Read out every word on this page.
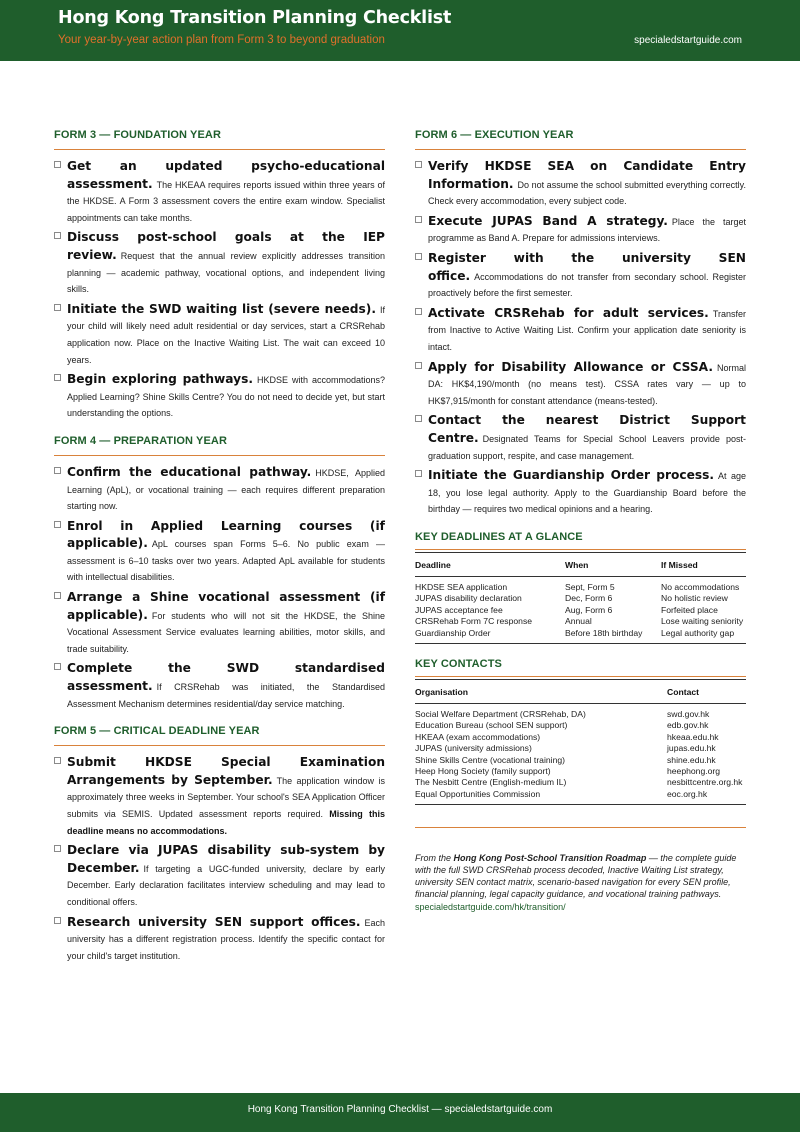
Hong Kong Transition Planning Checklist
Your year-by-year action plan from Form 3 to beyond graduation	specialedstartguide.com
FORM 3 — FOUNDATION YEAR
Get an updated psycho-educational assessment. The HKEAA requires reports issued within three years of the HKDSE. A Form 3 assessment covers the entire exam window. Specialist appointments can take months.
Discuss post-school goals at the IEP review. Request that the annual review explicitly addresses transition planning — academic pathway, vocational options, and independent living skills.
Initiate the SWD waiting list (severe needs). If your child will likely need adult residential or day services, start a CRSRehab application now. Place on the Inactive Waiting List. The wait can exceed 10 years.
Begin exploring pathways. HKDSE with accommodations? Applied Learning? Shine Skills Centre? You do not need to decide yet, but start understanding the options.
FORM 4 — PREPARATION YEAR
Confirm the educational pathway. HKDSE, Applied Learning (ApL), or vocational training — each requires different preparation starting now.
Enrol in Applied Learning courses (if applicable). ApL courses span Forms 5–6. No public exam — assessment is 6–10 tasks over two years. Adapted ApL available for students with intellectual disabilities.
Arrange a Shine vocational assessment (if applicable). For students who will not sit the HKDSE, the Shine Vocational Assessment Service evaluates learning abilities, motor skills, and trade suitability.
Complete the SWD standardised assessment. If CRSRehab was initiated, the Standardised Assessment Mechanism determines residential/day service matching.
FORM 5 — CRITICAL DEADLINE YEAR
Submit HKDSE Special Examination Arrangements by September. The application window is approximately three weeks in September. Your school's SEA Application Officer submits via SEMIS. Updated assessment reports required. Missing this deadline means no accommodations.
Declare via JUPAS disability sub-system by December. If targeting a UGC-funded university, declare by early December. Early declaration facilitates interview scheduling and may lead to conditional offers.
Research university SEN support offices. Each university has a different registration process. Identify the specific contact for your child's target institution.
FORM 6 — EXECUTION YEAR
Verify HKDSE SEA on Candidate Entry Information. Do not assume the school submitted everything correctly. Check every accommodation, every subject code.
Execute JUPAS Band A strategy. Place the target programme as Band A. Prepare for admissions interviews.
Register with the university SEN office. Accommodations do not transfer from secondary school. Register proactively before the first semester.
Activate CRSRehab for adult services. Transfer from Inactive to Active Waiting List. Confirm your application date seniority is intact.
Apply for Disability Allowance or CSSA. Normal DA: HK$4,190/month (no means test). CSSA rates vary — up to HK$7,915/month for constant attendance (means-tested).
Contact the nearest District Support Centre. Designated Teams for Special School Leavers provide post-graduation support, respite, and case management.
Initiate the Guardianship Order process. At age 18, you lose legal authority. Apply to the Guardianship Board before the birthday — requires two medical opinions and a hearing.
KEY DEADLINES AT A GLANCE
Deadline	When	If Missed
HKDSE SEA application	Sept, Form 5	No accommodations
JUPAS disability declaration	Dec, Form 6	No holistic review
JUPAS acceptance fee	Aug, Form 6	Forfeited place
CRSRehab Form 7C response	Annual	Lose waiting seniority
Guardianship Order	Before 18th birthday	Legal authority gap
KEY CONTACTS
Organisation	Contact
Social Welfare Department (CRSRehab, DA)	swd.gov.hk
Education Bureau (school SEN support)	edb.gov.hk
HKEAA (exam accommodations)	hkeaa.edu.hk
JUPAS (university admissions)	jupas.edu.hk
Shine Skills Centre (vocational training)	shine.edu.hk
Heep Hong Society (family support)	heephong.org
The Nesbitt Centre (English-medium IL)	nesbittcentre.org.hk
Equal Opportunities Commission	eoc.org.hk
From the Hong Kong Post-School Transition Roadmap — the complete guide with the full SWD CRSRehab process decoded, Inactive Waiting List strategy, university SEN contact matrix, scenario-based navigation for every SEN profile, financial planning, legal capacity guidance, and vocational training pathways.
specialedstartguide.com/hk/transition/
Hong Kong Transition Planning Checklist — specialedstartguide.com
